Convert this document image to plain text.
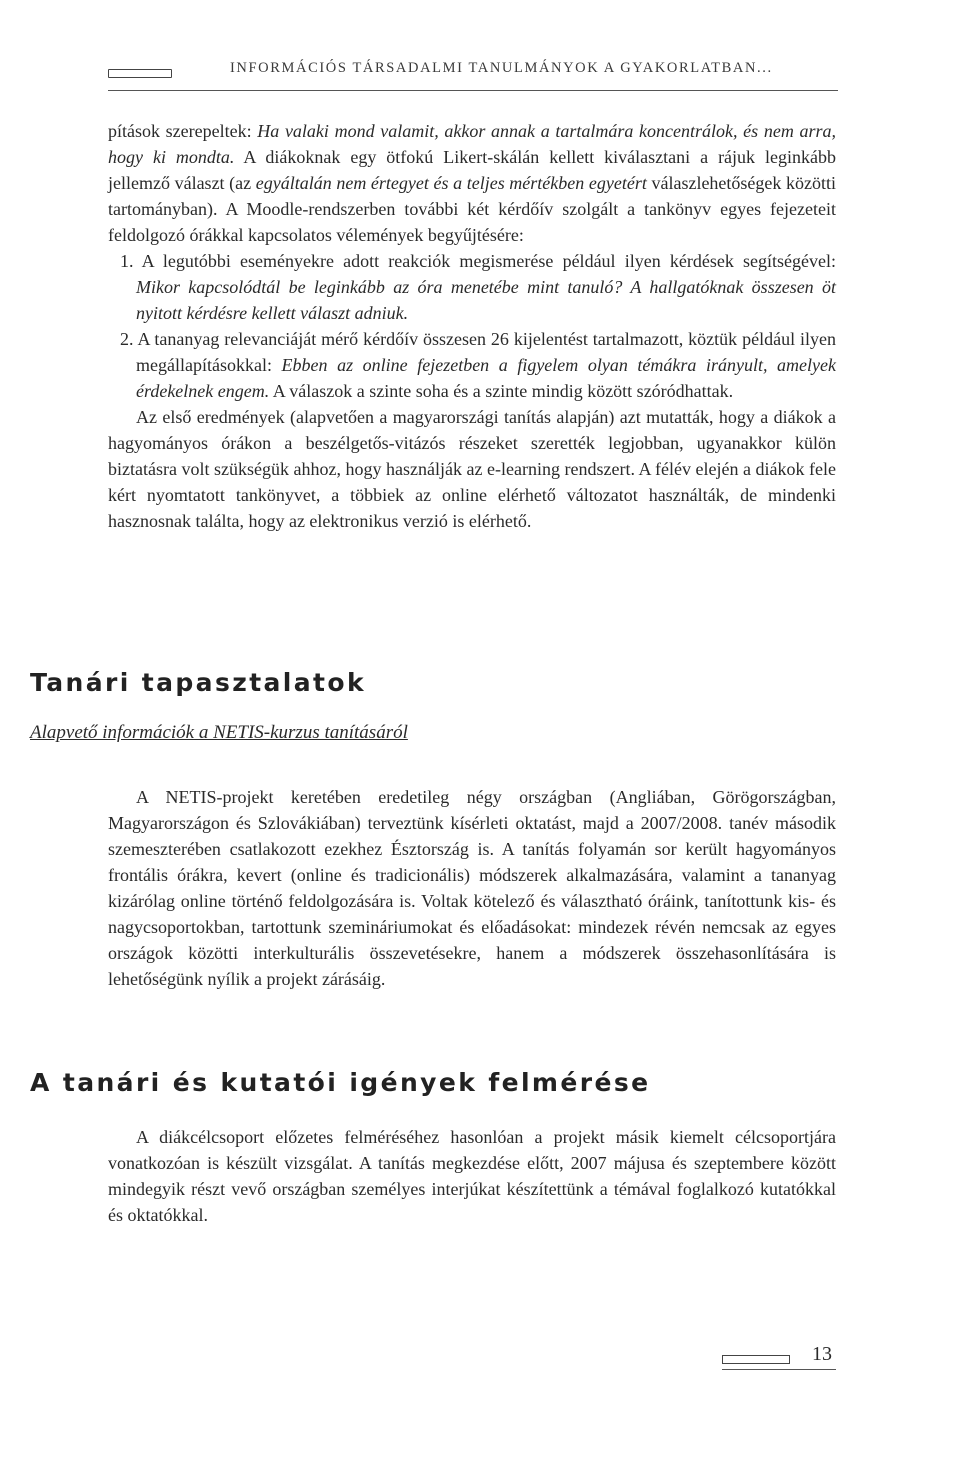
INFORMÁCIÓS TÁRSADALMI TANULMÁNYOK A GYAKORLATBAN...

pítások szerepeltek: Ha valaki mond valamit, akkor annak a tartalmára koncentrálok, és nem arra, hogy ki mondta. A diákoknak egy ötfokú Likert-skálán kellett kiválasztani a rájuk leginkább jellemző választ (az egyáltalán nem értegyet és a teljes mértékben egyetért válaszlehetőségek közötti tartományban). A Moodle-rendszerben további két kérdőív szolgált a tankönyv egyes fejezeteit feldolgozó órákkal kapcsolatos vélemények begyűjtésére:

1. A legutóbbi eseményekre adott reakciók megismerése például ilyen kérdések segítségével: Mikor kapcsolódtál be leginkább az óra menetébe mint tanuló? A hallgatóknak összesen öt nyitott kérdésre kellett választ adniuk.
2. A tananyag relevanciáját mérő kérdőív összesen 26 kijelentést tartalmazott, köztük például ilyen megállapításokkal: Ebben az online fejezetben a figyelem olyan témákra irányult, amelyek érdekelnek engem. A válaszok a szinte soha és a szinte mindig között szóródhattak.

Az első eredmények (alapvetően a magyarországi tanítás alapján) azt mutatták, hogy a diákok a hagyományos órákon a beszélgetős-vitázós részeket szerették legjobban, ugyanakkor külön biztatásra volt szükségük ahhoz, hogy használják az e-learning rendszert. A félév elején a diákok fele kért nyomtatott tankönyvet, a többiek az online elérhető változatot használták, de mindenki hasznosnak találta, hogy az elektronikus verzió is elérhető.

Tanári tapasztalatok
Alapvető információk a NETIS-kurzus tanításáról

A NETIS-projekt keretében eredetileg négy országban (Angliában, Görögországban, Magyarországon és Szlovákiában) terveztünk kísérleti oktatást, majd a 2007/2008. tanév második szemeszterében csatlakozott ezekhez Észtország is. A tanítás folyamán sor került hagyományos frontális órákra, kevert (online és tradicionális) módszerek alkalmazására, valamint a tananyag kizárólag online történő feldolgozására is. Voltak kötelező és választható óráink, tanítottunk kis- és nagycsoportokban, tartottunk szemináriumokat és előadásokat: mindezek révén nemcsak az egyes országok közötti interkulturális összevetésekre, hanem a módszerek összehasonlítására is lehetőségünk nyílik a projekt zárásáig.

A tanári és kutatói igények felmérése

A diákcélcsoport előzetes felméréséhez hasonlóan a projekt másik kiemelt célcsoportjára vonatkozóan is készült vizsgálat. A tanítás megkezdése előtt, 2007 májusa és szeptembere között mindegyik részt vevő országban személyes interjúkat készítettünk a témával foglalkozó kutatókkal és oktatókkal.

13
